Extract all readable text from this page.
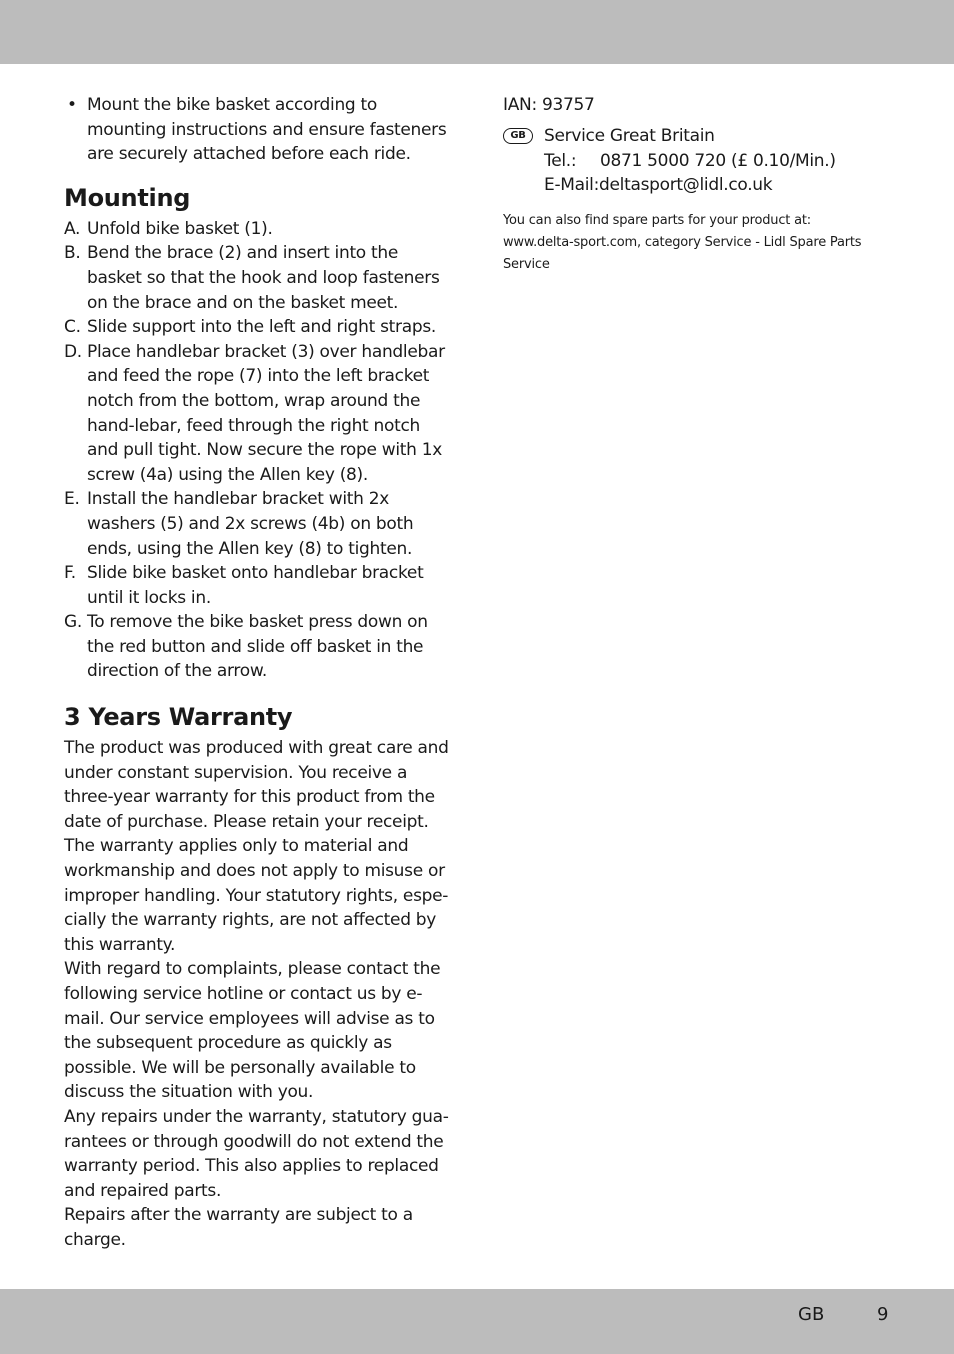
• Mount the bike basket according to mounting instructions and ensure fasteners are securely attached before each ride.
Mounting
A. Unfold bike basket (1).
B. Bend the brace (2) and insert into the basket so that the hook and loop fasteners on the brace and on the basket meet.
C. Slide support into the left and right straps.
D. Place handlebar bracket (3) over handlebar and feed the rope (7) into the left bracket notch from the bottom, wrap around the hand-lebar, feed through the right notch and pull tight. Now secure the rope with 1x screw (4a) using the Allen key (8).
E. Install the handlebar bracket with 2x washers (5) and 2x screws (4b) on both ends, using the Allen key (8) to tighten.
F. Slide bike basket onto handlebar bracket until it locks in.
G. To remove the bike basket press down on the red button and slide off basket in the direction of the arrow.
3 Years Warranty

The product was produced with great care and under constant supervision. You receive a three-year warranty for this product from the date of purchase. Please retain your receipt.

The warranty applies only to material and workmanship and does not apply to misuse or improper handling. Your statutory rights, espe-cially the warranty rights, are not affected by this warranty.

With regard to complaints, please contact the following service hotline or contact us by e-mail. Our service employees will advise as to the subsequent procedure as quickly as possible. We will be personally available to discuss the situation with you.

Any repairs under the warranty, statutory gua-rantees or through goodwill do not extend the warranty period. This also applies to replaced and repaired parts.

Repairs after the warranty are subject to a charge.

IAN: 93757
GB	Service Great Britain
Tel.: 0871 5000 720 (£ 0.10/Min.)
E-Mail:deltasport@lidl.co.uk
You can also find spare parts for your product at: www.delta-sport.com, category Service - Lidl Spare Parts Service
GB	9
